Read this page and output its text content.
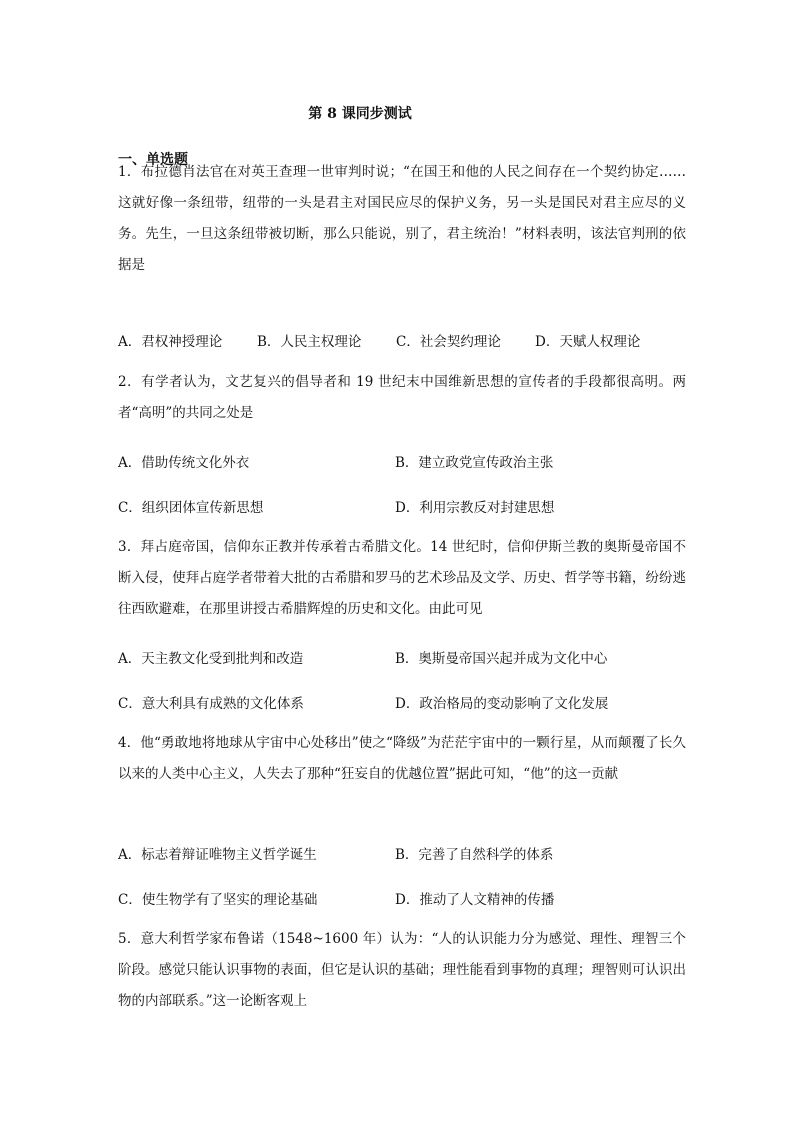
第 8 课同步测试
一、单选题
1．布拉德肖法官在对英王查理一世审判时说；“在国王和他的人民之间存在一个契约协定……这就好像一条纽带，纽带的一头是君主对国民应尽的保护义务，另一头是国民对君主应尽的义务。先生，一旦这条纽带被切断，那么只能说，别了，君主统治！”材料表明，该法官判刑的依据是
A．君权神授理论	B．人民主权理论	C．社会契约理论	D．天赋人权理论
2．有学者认为，文艺复兴的倡导者和 19 世纪末中国维新思想的宣传者的手段都很高明。两者“高明”的共同之处是
A．借助传统文化外衣	B．建立政党宣传政治主张
C．组织团体宣传新思想	D．利用宗教反对封建思想
3．拜占庭帝国，信仰东正教并传承着古希腊文化。14 世纪时，信仰伊斯兰教的奥斯曼帝国不断入侵，使拜占庭学者带着大批的古希腊和罗马的艺术珍品及文学、历史、哲学等书籍，纷纷逃往西欧避难，在那里讲授古希腊辉煌的历史和文化。由此可见
A．天主教文化受到批判和改造	B．奥斯曼帝国兴起并成为文化中心
C．意大利具有成熟的文化体系	D．政治格局的变动影响了文化发展
4．他“勇敢地将地球从宇宙中心处移出”使之“降级”为茫茫宇宙中的一颗行星，从而颠覆了长久以来的人类中心主义，人失去了那种“狂妄自的优越位置”据此可知，“他”的这一贡献
A．标志着辩证唯物主义哲学诞生	B．完善了自然科学的体系
C．使生物学有了坚实的理论基础	D．推动了人文精神的传播
5．意大利哲学家布鲁诺（1548~1600 年）认为：“人的认识能力分为感觉、理性、理智三个阶段。感觉只能认识事物的表面，但它是认识的基础；理性能看到事物的真理；理智则可认识出物的内部联系。”这一论断客观上
